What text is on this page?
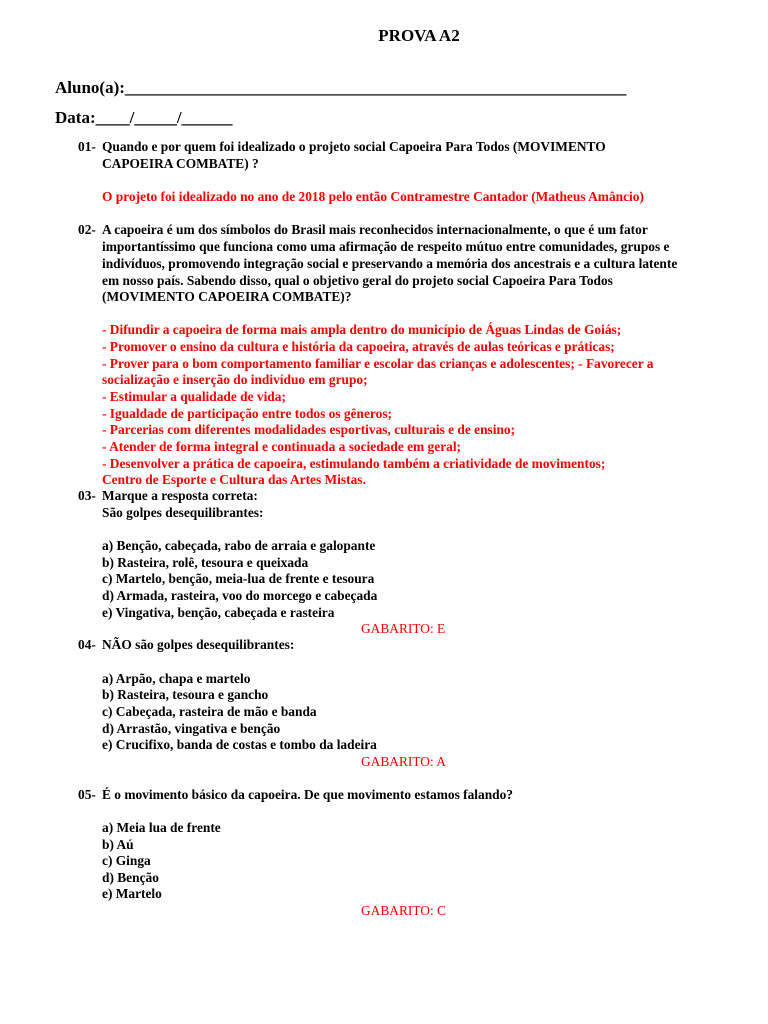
PROVA A2
Aluno(a):___________________________________________________________
Data:____/_____/______
01- Quando e por quem foi idealizado o projeto social Capoeira Para Todos (MOVIMENTO
CAPOEIRA COMBATE) ?
O projeto foi idealizado no ano de 2018 pelo então Contramestre Cantador (Matheus Amâncio)
02- A capoeira é um dos símbolos do Brasil mais reconhecidos internacionalmente, o que é um fator
importantíssimo que funciona como uma afirmação de respeito mútuo entre comunidades, grupos e
indivíduos, promovendo integração social e preservando a memória dos ancestrais e a cultura latente
em nosso país. Sabendo disso, qual o objetivo geral do projeto social Capoeira Para Todos
(MOVIMENTO CAPOEIRA COMBATE)?
- Difundir a capoeira de forma mais ampla dentro do município de Águas Lindas de Goiás;
- Promover o ensino da cultura e história da capoeira, através de aulas teóricas e práticas;
- Prover para o bom comportamento familiar e escolar das crianças e adolescentes; - Favorecer a
socialização e inserção do indivíduo em grupo;
- Estimular a qualidade de vida;
- Igualdade de participação entre todos os gêneros;
- Parcerias com diferentes modalidades esportivas, culturais e de ensino;
- Atender de forma integral e continuada a sociedade em geral;
- Desenvolver a prática de capoeira, estimulando também a criatividade de movimentos;
Centro de Esporte e Cultura das Artes Mistas.
03- Marque a resposta correta:
São golpes desequilibrantes:
a) Benção, cabeçada, rabo de arraia e galopante
b) Rasteira, rolê, tesoura e queixada
c) Martelo, benção, meia-lua de frente e tesoura
d) Armada, rasteira, voo do morcego e cabeçada
e) Vingativa, benção, cabeçada e rasteira
GABARITO: E
04- NÃO são golpes desequilibrantes:
a) Arpão, chapa e martelo
b) Rasteira, tesoura e gancho
c) Cabeçada, rasteira de mão e banda
d) Arrastão, vingativa e benção
e) Crucifixo, banda de costas e tombo da ladeira
GABARITO: A
05- É o movimento básico da capoeira. De que movimento estamos falando?
a) Meia lua de frente
b) Aú
c) Ginga
d) Benção
e) Martelo
GABARITO: C
